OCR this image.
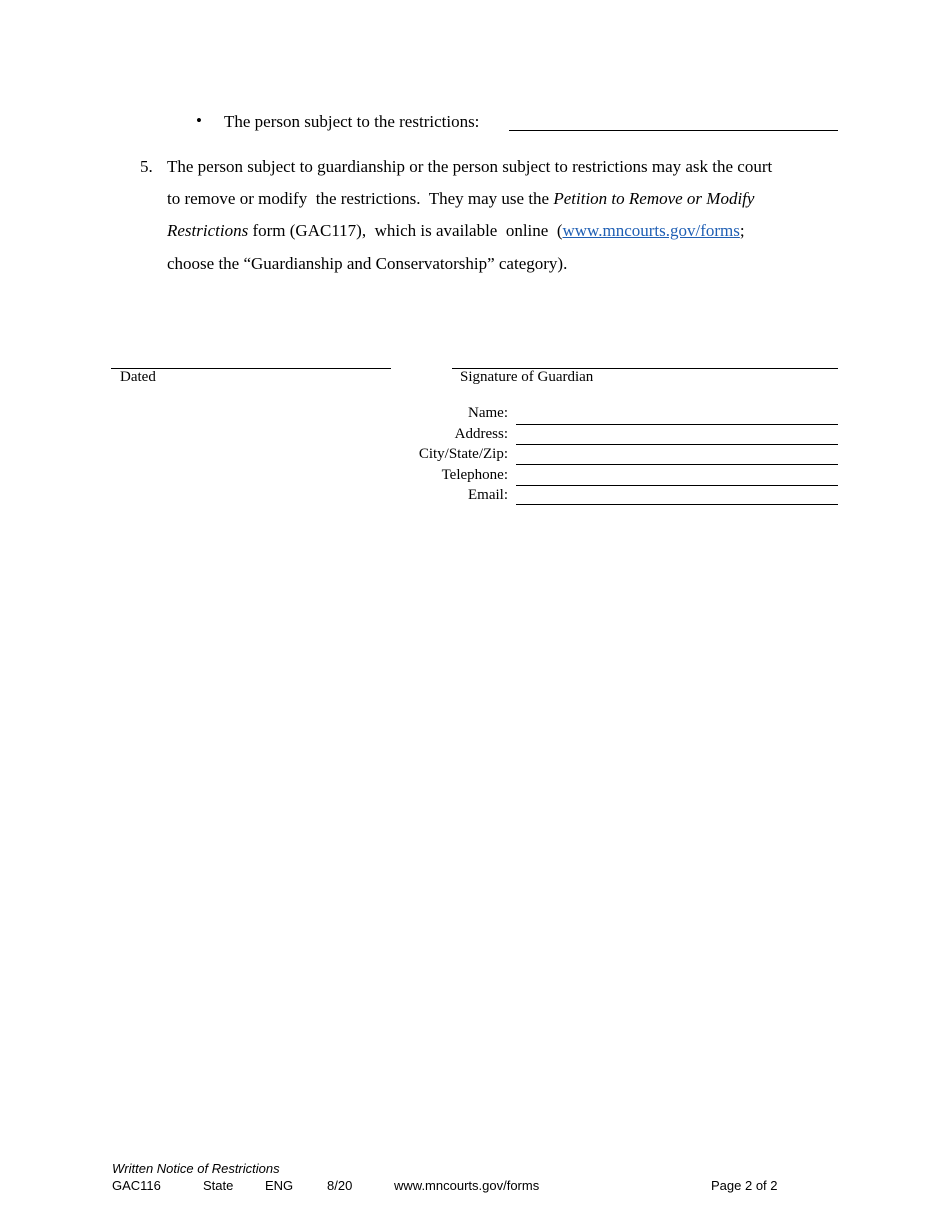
• The person subject to the restrictions:
5. The person subject to guardianship or the person subject to restrictions may ask the court
to remove or modify  the restrictions.  They may use the Petition to Remove or Modify
Restrictions form (GAC117),  which is available  online  (www.mncourts.gov/forms;
choose the “Guardianship and Conservatorship” category).
Dated	Signature of Guardian
Name:
Address:
City/State/Zip:
Telephone:
Email:
Written Notice of Restrictions
GAC116	State ENG	8/20	www.mncourts.gov/forms	Page 2 of 2
